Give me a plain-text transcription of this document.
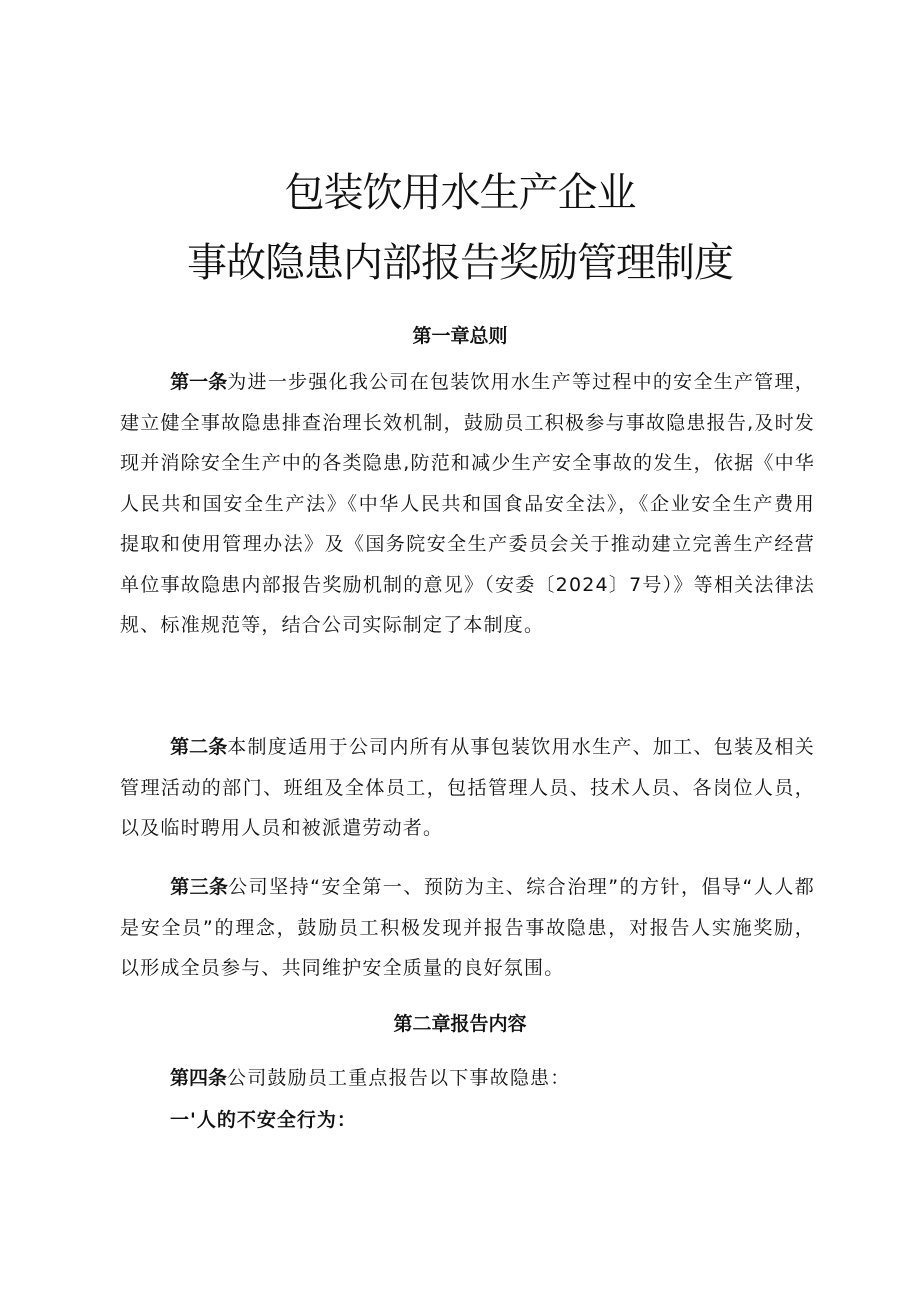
包装饮用水生产企业
事故隐患内部报告奖励管理制度
第一章总则
第一条为进一步强化我公司在包装饮用水生产等过程中的安全生产管理，建立健全事故隐患排查治理长效机制，鼓励员工积极参与事故隐患报告,及时发现并消除安全生产中的各类隐患,防范和减少生产安全事故的发生，依据《中华人民共和国安全生产法》《中华人民共和国食品安全法》，《企业安全生产费用提取和使用管理办法》及《国务院安全生产委员会关于推动建立完善生产经营单位事故隐患内部报告奖励机制的意见》（安委〔2024〕7号）》等相关法律法规、标准规范等，结合公司实际制定了本制度。
第二条本制度适用于公司内所有从事包装饮用水生产、加工、包装及相关管理活动的部门、班组及全体员工，包括管理人员、技术人员、各岗位人员，以及临时聘用人员和被派遣劳动者。
第三条公司坚持“安全第一、预防为主、综合治理”的方针，倡导“人人都是安全员”的理念，鼓励员工积极发现并报告事故隐患，对报告人实施奖励，以形成全员参与、共同维护安全质量的良好氛围。
第二章报告内容
第四条公司鼓励员工重点报告以下事故隐患：
一'人的不安全行为：
